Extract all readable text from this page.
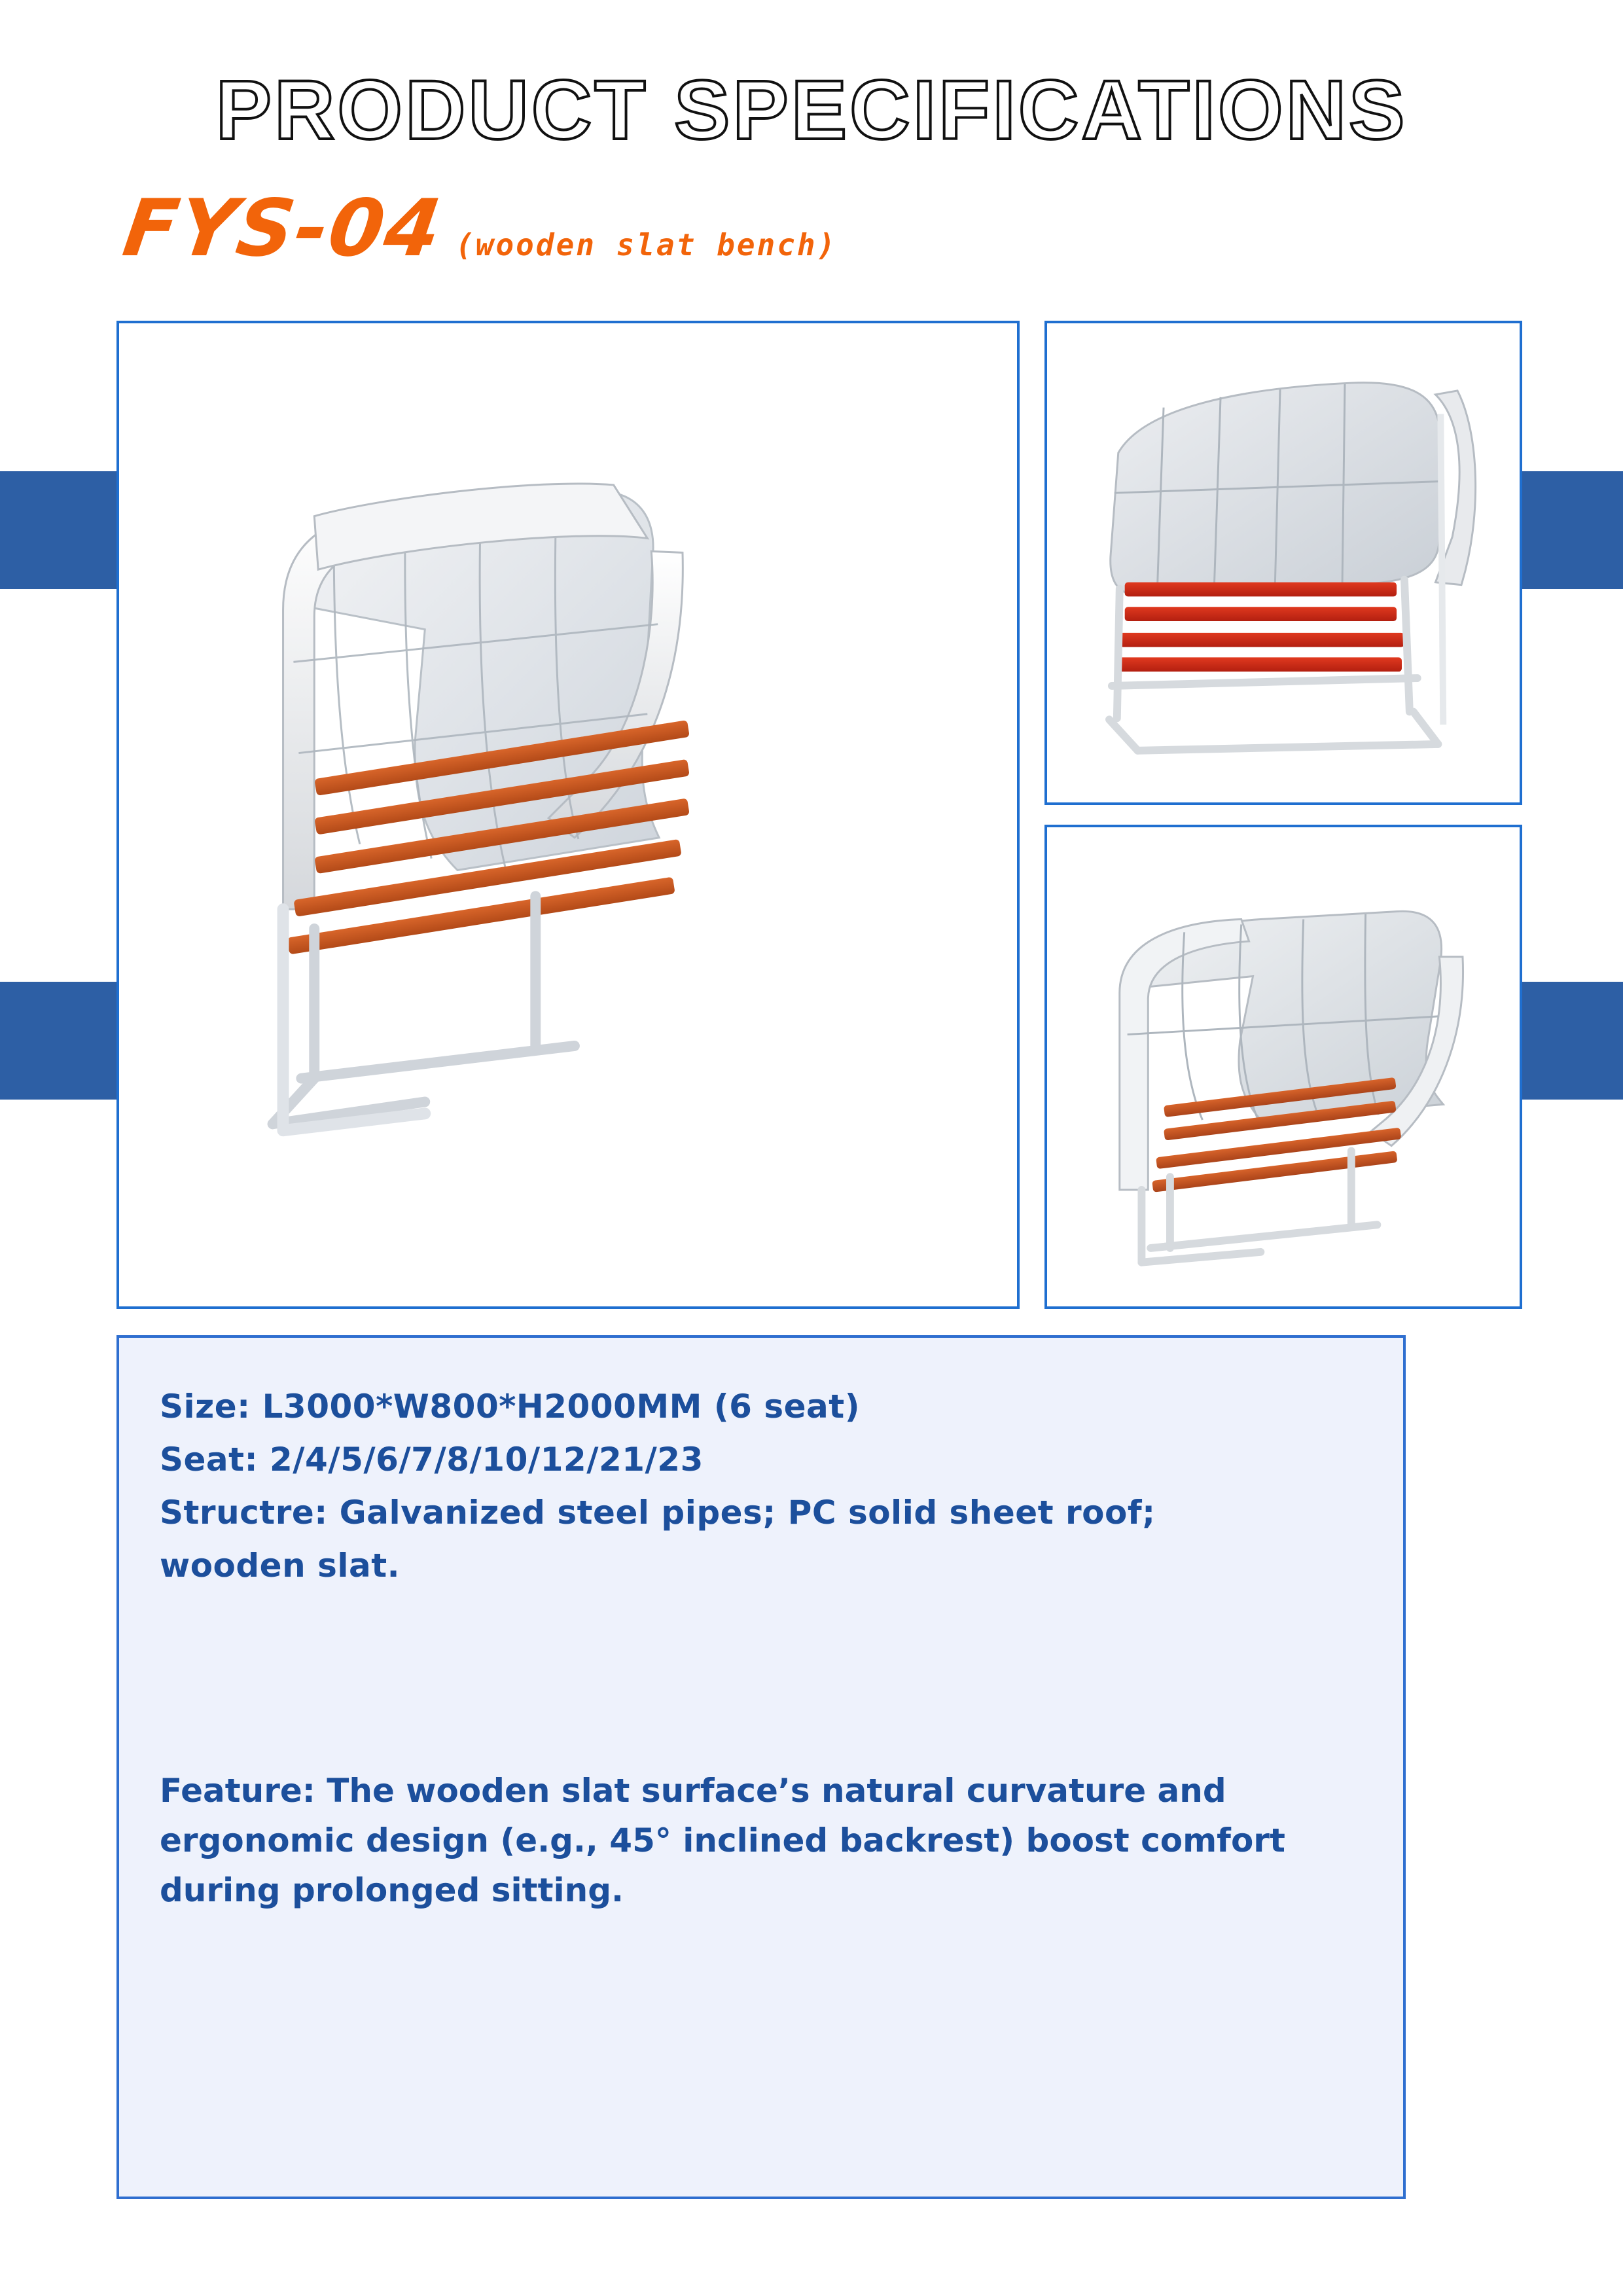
PRODUCT SPECIFICATIONS
FYS-04 (wooden slat bench)
Size: L3000*W800*H2000MM (6 seat)
Seat: 2/4/5/6/7/8/10/12/21/23
Structre: Galvanized steel pipes; PC solid sheet roof;
wooden slat.
Feature: The wooden slat surface’s natural curvature and ergonomic design (e.g., 45° inclined backrest) boost comfort during prolonged sitting.
